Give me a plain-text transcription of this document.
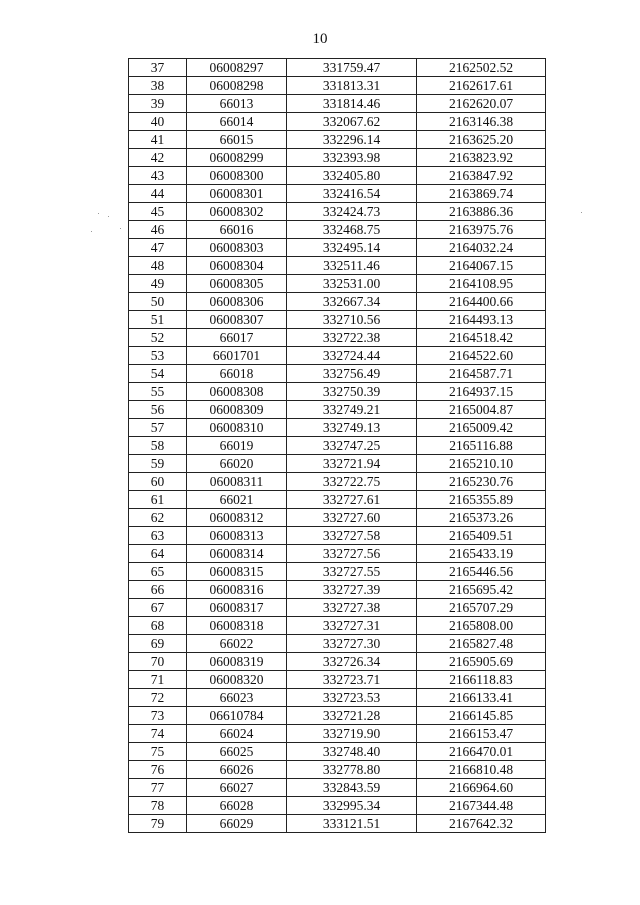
10
37	06008297	331759.47	2162502.52
38	06008298	331813.31	2162617.61
39	66013	331814.46	2162620.07
40	66014	332067.62	2163146.38
41	66015	332296.14	2163625.20
42	06008299	332393.98	2163823.92
43	06008300	332405.80	2163847.92
44	06008301	332416.54	2163869.74
45	06008302	332424.73	2163886.36
46	66016	332468.75	2163975.76
47	06008303	332495.14	2164032.24
48	06008304	332511.46	2164067.15
49	06008305	332531.00	2164108.95
50	06008306	332667.34	2164400.66
51	06008307	332710.56	2164493.13
52	66017	332722.38	2164518.42
53	6601701	332724.44	2164522.60
54	66018	332756.49	2164587.71
55	06008308	332750.39	2164937.15
56	06008309	332749.21	2165004.87
57	06008310	332749.13	2165009.42
58	66019	332747.25	2165116.88
59	66020	332721.94	2165210.10
60	06008311	332722.75	2165230.76
61	66021	332727.61	2165355.89
62	06008312	332727.60	2165373.26
63	06008313	332727.58	2165409.51
64	06008314	332727.56	2165433.19
65	06008315	332727.55	2165446.56
66	06008316	332727.39	2165695.42
67	06008317	332727.38	2165707.29
68	06008318	332727.31	2165808.00
69	66022	332727.30	2165827.48
70	06008319	332726.34	2165905.69
71	06008320	332723.71	2166118.83
72	66023	332723.53	2166133.41
73	06610784	332721.28	2166145.85
74	66024	332719.90	2166153.47
75	66025	332748.40	2166470.01
76	66026	332778.80	2166810.48
77	66027	332843.59	2166964.60
78	66028	332995.34	2167344.48
79	66029	333121.51	2167642.32
